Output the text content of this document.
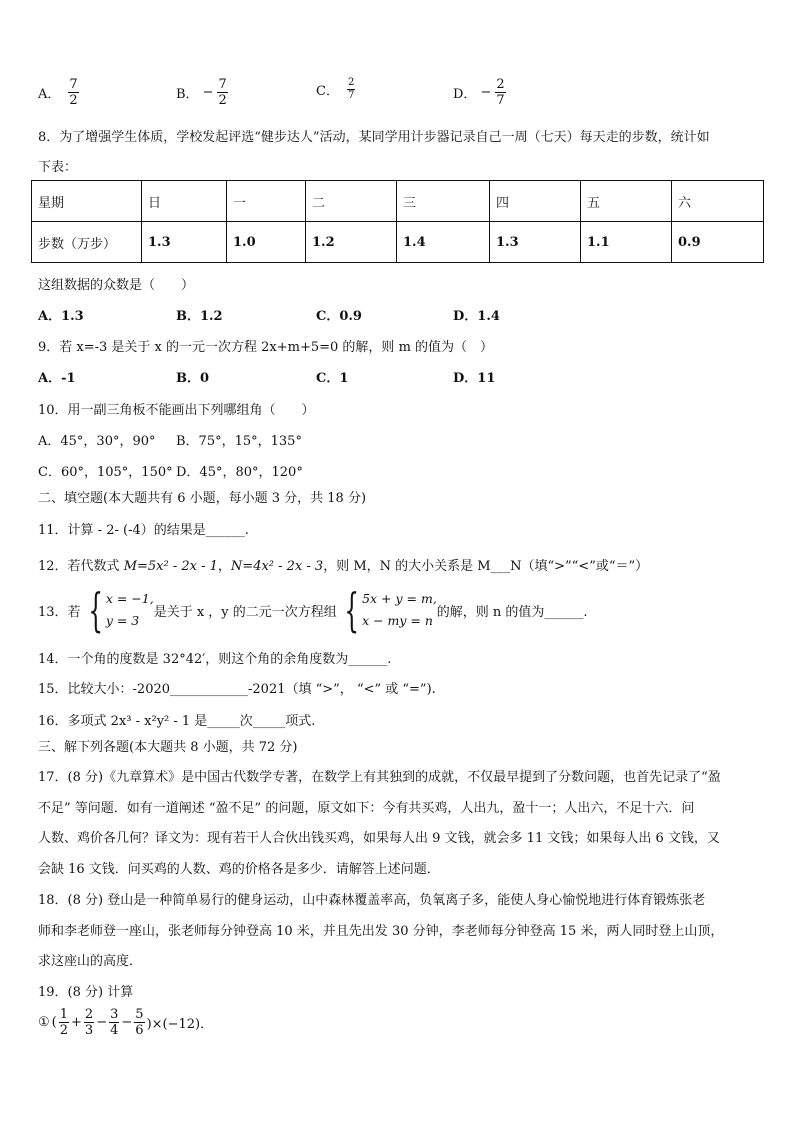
A． $\frac{7}{2}$	B． − $\frac{7}{2}$	C． $\frac{2}{7}$	D． − $\frac{2}{7}$
8．为了增强学生体质，学校发起评选“健步达人”活动，某同学用计步器记录自己一周（七天）每天走的步数，统计如
下表：
星期	日	一	二	三	四	五	六
步数（万步）	1.3	1.0	1.2	1.4	1.3	1.1	0.9
这组数据的众数是（　　）
A．1.3	B．1.2	C．0.9	D．1.4
9．若 x=-3 是关于 x 的一元一次方程 2x+m+5=0 的解，则 m 的值为（　）
A．-1	B．0	C．1	D．11
10．用一副三角板不能画出下列哪组角（　　）
A．45°，30°，90° B．75°，15°，135°
C．60°，105°，150° D．45°，80°，120°
二、填空题(本大题共有 6 小题，每小题 3 分，共 18 分)
11．计算 - 2- (-4）的结果是______.
12．若代数式 M=5x² - 2x - 1，N=4x² - 2x - 3，则 M，N 的大小关系是 M___N（填“>”“<”或“＝”）
13．若 { x = −1,
y = 3
是关于 x ，y 的二元一次方程组 { 5x + y = m,
x − my = n
的解，则 n 的值为______.
14．一个角的度数是 32°42′，则这个角的余角度数为______.
15．比较大小：-2020____________-2021（填 “>”， “<” 或 “=”).
16．多项式 2x³ - x²y² - 1 是_____次_____项式.
三、解下列各题(本大题共 8 小题，共 72 分)
17．(8 分)《九章算术》是中国古代数学专著，在数学上有其独到的成就，不仅最早提到了分数问题，也首先记录了“盈
不足” 等问题．如有一道阐述 “盈不足” 的问题，原文如下：今有共买鸡，人出九，盈十一；人出六，不足十六．问
人数、鸡价各几何？译文为：现有若干人合伙出钱买鸡，如果每人出 9 文钱，就会多 11 文钱；如果每人出 6 文钱，又
会缺 16 文钱．问买鸡的人数、鸡的价格各是多少．请解答上述问题．
18．(8 分) 登山是一种简单易行的健身运动，山中森林覆盖率高，负氧离子多，能使人身心愉悦地进行体育锻炼张老
师和李老师登一座山，张老师每分钟登高 10 米，并且先出发 30 分钟，李老师每分钟登高 15 米，两人同时登上山顶，
求这座山的高度．
19．(8 分) 计算
① ( $\frac{1}{2} + \frac{2}{3} - \frac{3}{4} - \frac{5}{6} )\times(-12)$．
